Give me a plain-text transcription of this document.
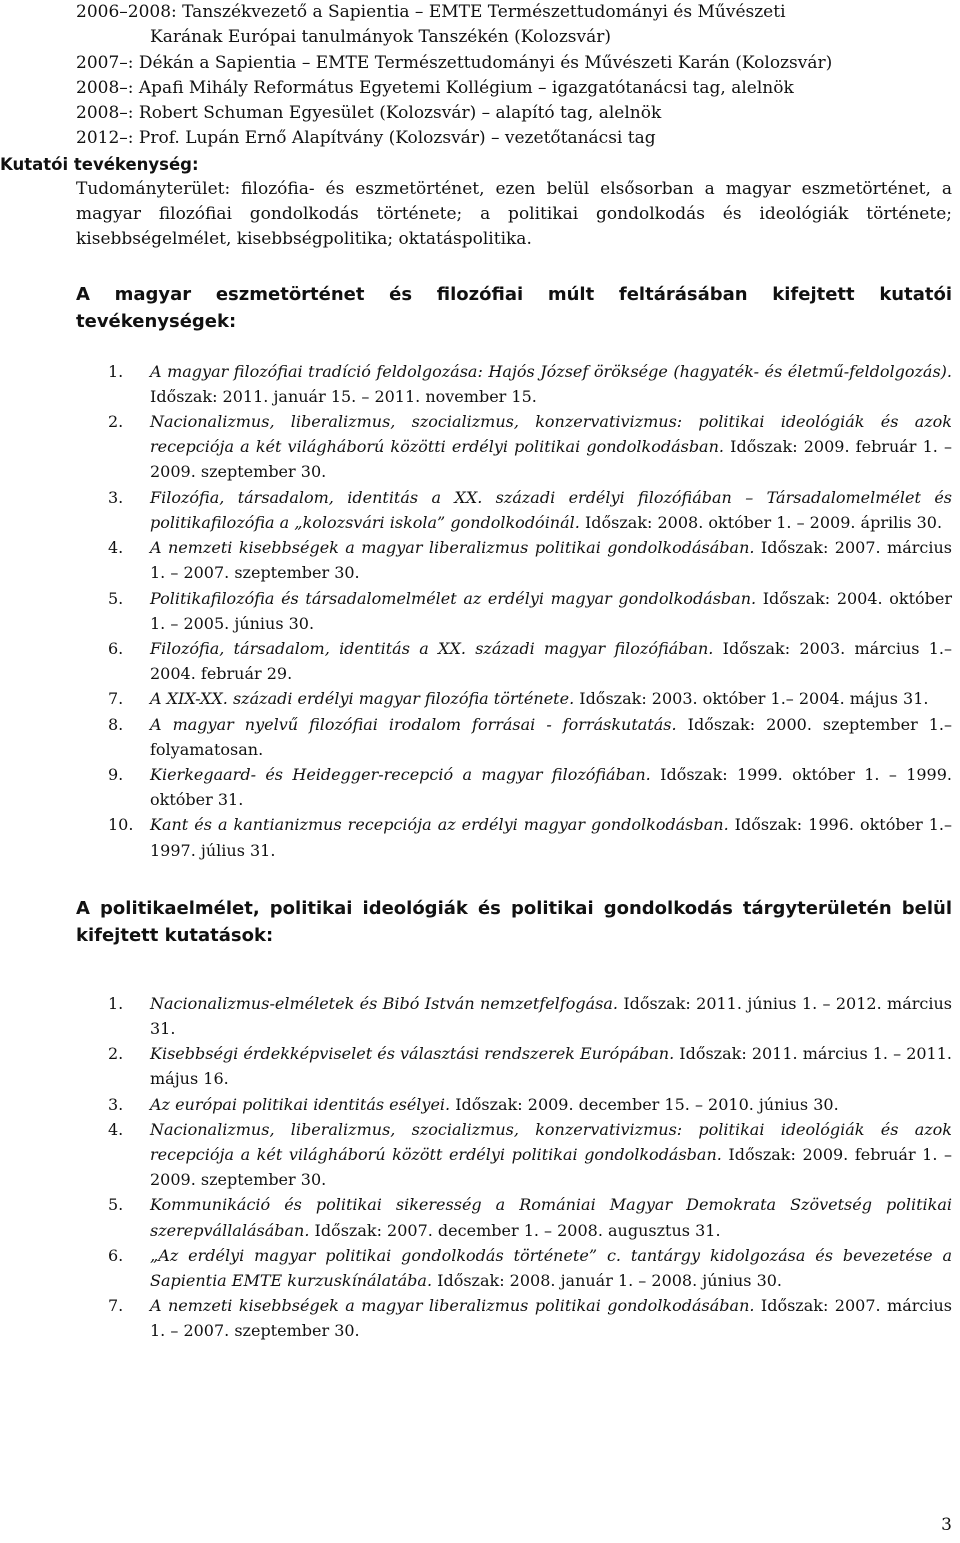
2006–2008: Tanszékvezető a Sapientia – EMTE Természettudományi és Művészeti

Karának Európai tanulmányok Tanszékén (Kolozsvár)

2007–: Dékán a Sapientia – EMTE Természettudományi és Művészeti Karán (Kolozsvár)

2008–: Apafi Mihály Református Egyetemi Kollégium – igazgatótanácsi tag, alelnök

2008–: Robert Schuman Egyesület (Kolozsvár) – alapító tag, alelnök

2012–: Prof. Lupán Ernő Alapítvány (Kolozsvár) – vezetőtanácsi tag

Kutatói tevékenység:

Tudományterület: filozófia- és eszmetörténet, ezen belül elsősorban a magyar eszmetörténet, a magyar filozófiai gondolkodás története; a politikai gondolkodás és ideológiák története; kisebbségelmélet, kisebbségpolitika; oktatáspolitika.

A magyar eszmetörténet és filozófiai múlt feltárásában kifejtett kutatói tevékenységek:

1. A magyar filozófiai tradíció feldolgozása: Hajós József öröksége (hagyaték- és életmű-feldolgozás). Időszak: 2011. január 15. – 2011. november 15.
2. Nacionalizmus, liberalizmus, szocializmus, konzervativizmus: politikai ideológiák és azok recepciója a két világháború közötti erdélyi politikai gondolkodásban. Időszak: 2009. február 1. – 2009. szeptember 30.
3. Filozófia, társadalom, identitás a XX. századi erdélyi filozófiában – Társadalomelmélet és politikafilozófia a „kolozsvári iskola” gondolkodóinál. Időszak: 2008. október 1. – 2009. április 30.
4. A nemzeti kisebbségek a magyar liberalizmus politikai gondolkodásában. Időszak: 2007. március 1. – 2007. szeptember 30.
5. Politikafilozófia és társadalomelmélet az erdélyi magyar gondolkodásban. Időszak: 2004. október 1. – 2005. június 30.
6. Filozófia, társadalom, identitás a XX. századi magyar filozófiában. Időszak: 2003. március 1.– 2004. február 29.
7. A XIX-XX. századi erdélyi magyar filozófia története. Időszak: 2003. október 1.– 2004. május 31.
8. A magyar nyelvű filozófiai irodalom forrásai - forráskutatás. Időszak: 2000. szeptember 1.– folyamatosan.
9. Kierkegaard- és Heidegger-recepció a magyar filozófiában. Időszak: 1999. október 1. – 1999. október 31.
10. Kant és a kantianizmus recepciója az erdélyi magyar gondolkodásban. Időszak: 1996. október 1.– 1997. július 31.

A politikaelmélet, politikai ideológiák és politikai gondolkodás tárgyterületén belül kifejtett kutatások:

1. Nacionalizmus-elméletek és Bibó István nemzetfelfogása. Időszak: 2011. június 1. – 2012. március 31.
2. Kisebbségi érdekképviselet és választási rendszerek Európában. Időszak: 2011. március 1. – 2011. május 16.
3. Az európai politikai identitás esélyei. Időszak: 2009. december 15. – 2010. június 30.
4. Nacionalizmus, liberalizmus, szocializmus, konzervativizmus: politikai ideológiák és azok recepciója a két világháború között erdélyi politikai gondolkodásban. Időszak: 2009. február 1. – 2009. szeptember 30.
5. Kommunikáció és politikai sikeresség a Romániai Magyar Demokrata Szövetség politikai szerepvállalásában. Időszak: 2007. december 1. – 2008. augusztus 31.
6. „Az erdélyi magyar politikai gondolkodás története” c. tantárgy kidolgozása és bevezetése a Sapientia EMTE kurzuskínálatába. Időszak: 2008. január 1. – 2008. június 30.
7. A nemzeti kisebbségek a magyar liberalizmus politikai gondolkodásában. Időszak: 2007. március 1. – 2007. szeptember 30.
3
